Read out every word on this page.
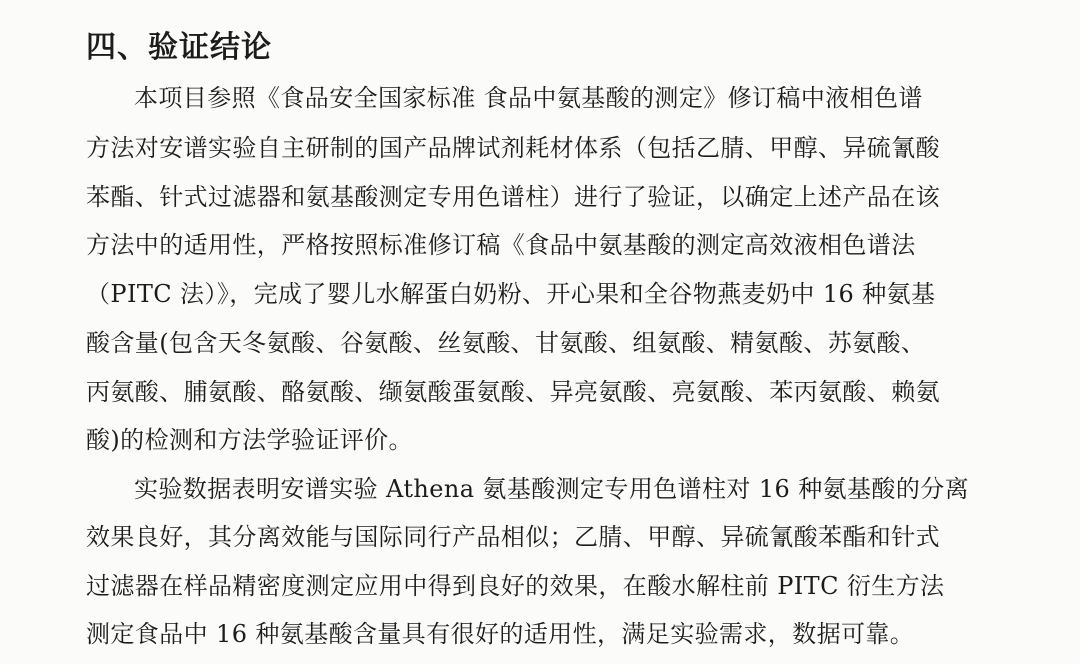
四、验证结论
本项目参照《食品安全国家标准 食品中氨基酸的测定》修订稿中液相色谱
方法对安谱实验自主研制的国产品牌试剂耗材体系（包括乙腈、甲醇、异硫氰酸
苯酯、针式过滤器和氨基酸测定专用色谱柱）进行了验证，以确定上述产品在该
方法中的适用性，严格按照标准修订稿《食品中氨基酸的测定高效液相色谱法
（PITC 法）》，完成了婴儿水解蛋白奶粉、开心果和全谷物燕麦奶中 16 种氨基
酸含量(包含天冬氨酸、谷氨酸、丝氨酸、甘氨酸、组氨酸、精氨酸、苏氨酸、
丙氨酸、脯氨酸、酪氨酸、缬氨酸蛋氨酸、异亮氨酸、亮氨酸、苯丙氨酸、赖氨
酸)的检测和方法学验证评价。
实验数据表明安谱实验 Athena 氨基酸测定专用色谱柱对 16 种氨基酸的分离
效果良好，其分离效能与国际同行产品相似；乙腈、甲醇、异硫氰酸苯酯和针式
过滤器在样品精密度测定应用中得到良好的效果，在酸水解柱前 PITC 衍生方法
测定食品中 16 种氨基酸含量具有很好的适用性，满足实验需求，数据可靠。
